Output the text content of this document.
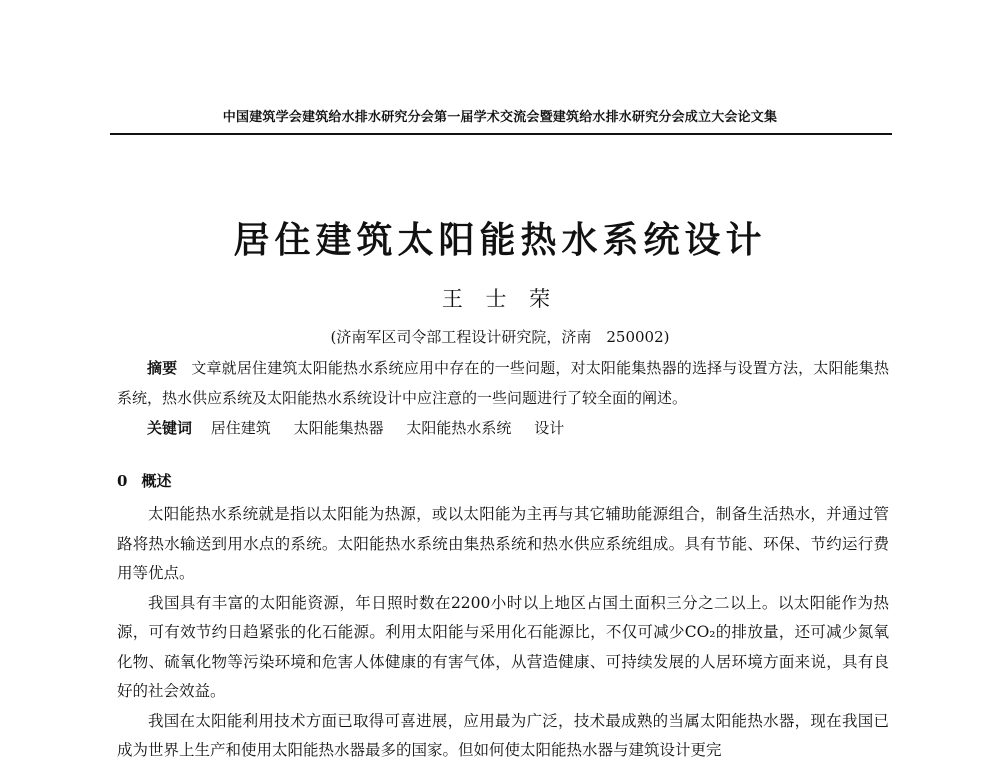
中国建筑学会建筑给水排水研究分会第一届学术交流会暨建筑给水排水研究分会成立大会论文集
居住建筑太阳能热水系统设计
王 士 荣
(济南军区司令部工程设计研究院，济南　250002)

摘要 文章就居住建筑太阳能热水系统应用中存在的一些问题，对太阳能集热器的选择与设置方法，太阳能集热系统，热水供应系统及太阳能热水系统设计中应注意的一些问题进行了较全面的阐述。

关键词 居住建筑 太阳能集热器 太阳能热水系统 设计
0 概述

太阳能热水系统就是指以太阳能为热源，或以太阳能为主再与其它辅助能源组合，制备生活热水，并通过管路将热水输送到用水点的系统。太阳能热水系统由集热系统和热水供应系统组成。具有节能、环保、节约运行费用等优点。

我国具有丰富的太阳能资源，年日照时数在2200小时以上地区占国土面积三分之二以上。以太阳能作为热源，可有效节约日趋紧张的化石能源。利用太阳能与采用化石能源比，不仅可减少CO₂的排放量，还可减少氮氧化物、硫氧化物等污染环境和危害人体健康的有害气体，从营造健康、可持续发展的人居环境方面来说，具有良好的社会效益。

我国在太阳能利用技术方面已取得可喜进展，应用最为广泛，技术最成熟的当属太阳能热水器，现在我国已成为世界上生产和使用太阳能热水器最多的国家。但如何使太阳能热水器与建筑设计更完
